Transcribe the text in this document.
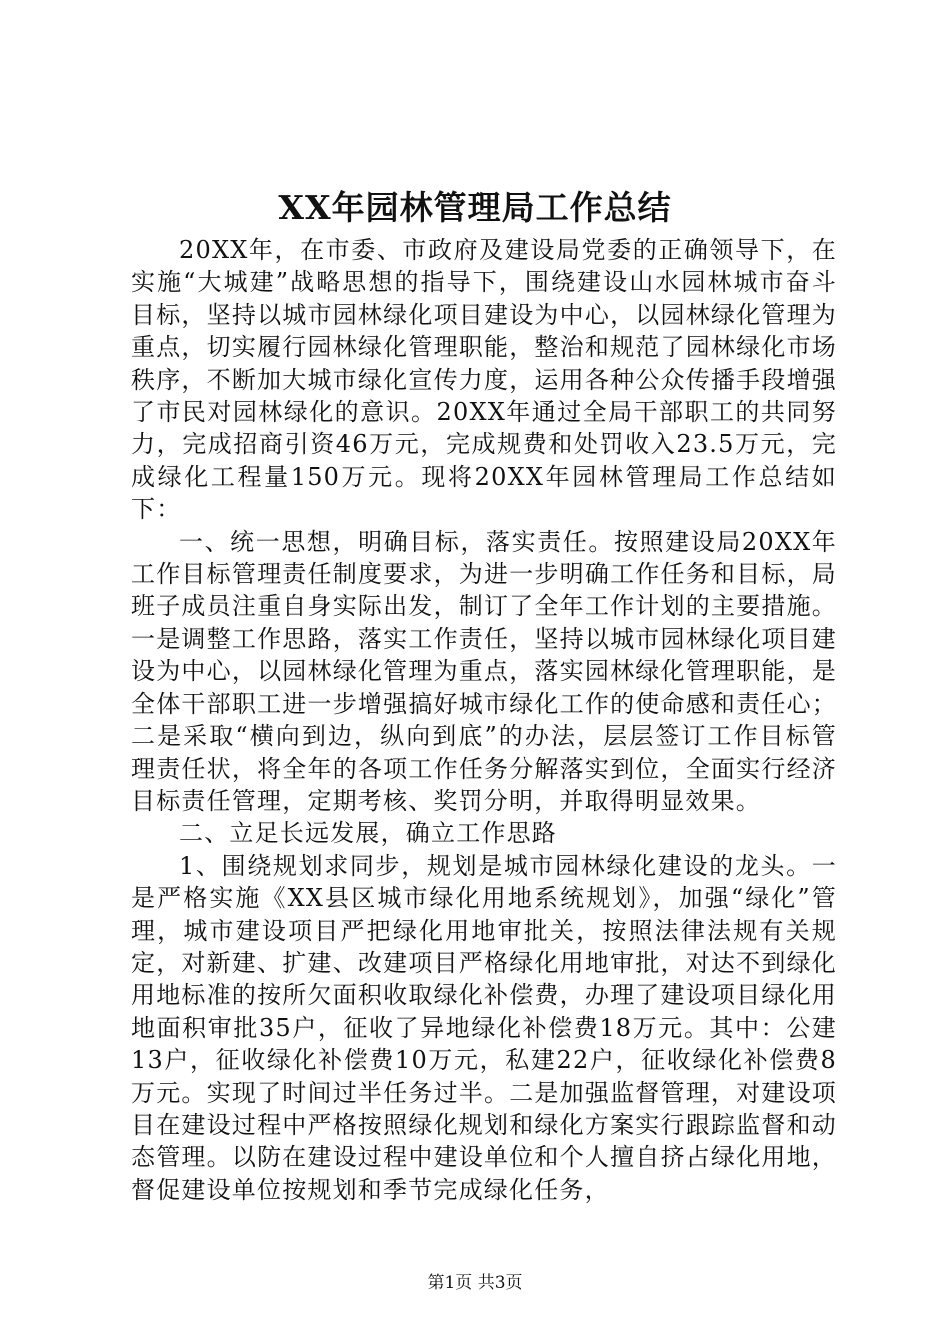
XX年园林管理局工作总结

20XX年，在市委、市政府及建设局党委的正确领导下，在实施“大城建”战略思想的指导下，围绕建设山水园林城市奋斗目标，坚持以城市园林绿化项目建设为中心，以园林绿化管理为重点，切实履行园林绿化管理职能，整治和规范了园林绿化市场秩序，不断加大城市绿化宣传力度，运用各种公众传播手段增强了市民对园林绿化的意识。20XX年通过全局干部职工的共同努力，完成招商引资46万元，完成规费和处罚收入23.5万元，完成绿化工程量150万元。现将20XX年园林管理局工作总结如下：

一、统一思想，明确目标，落实责任。按照建设局20XX年工作目标管理责任制度要求，为进一步明确工作任务和目标，局班子成员注重自身实际出发，制订了全年工作计划的主要措施。一是调整工作思路，落实工作责任，坚持以城市园林绿化项目建设为中心，以园林绿化管理为重点，落实园林绿化管理职能，是全体干部职工进一步增强搞好城市绿化工作的使命感和责任心；二是采取“横向到边，纵向到底”的办法，层层签订工作目标管理责任状，将全年的各项工作任务分解落实到位，全面实行经济目标责任管理，定期考核、奖罚分明，并取得明显效果。

二、立足长远发展，确立工作思路

1、围绕规划求同步，规划是城市园林绿化建设的龙头。一是严格实施《XX县区城市绿化用地系统规划》，加强“绿化”管理，城市建设项目严把绿化用地审批关，按照法律法规有关规定，对新建、扩建、改建项目严格绿化用地审批，对达不到绿化用地标准的按所欠面积收取绿化补偿费，办理了建设项目绿化用地面积审批35户，征收了异地绿化补偿费18万元。其中：公建13户，征收绿化补偿费10万元，私建22户，征收绿化补偿费8万元。实现了时间过半任务过半。二是加强监督管理，对建设项目在建设过程中严格按照绿化规划和绿化方案实行跟踪监督和动态管理。以防在建设过程中建设单位和个人擅自挤占绿化用地，督促建设单位按规划和季节完成绿化任务，

第1页 共3页
